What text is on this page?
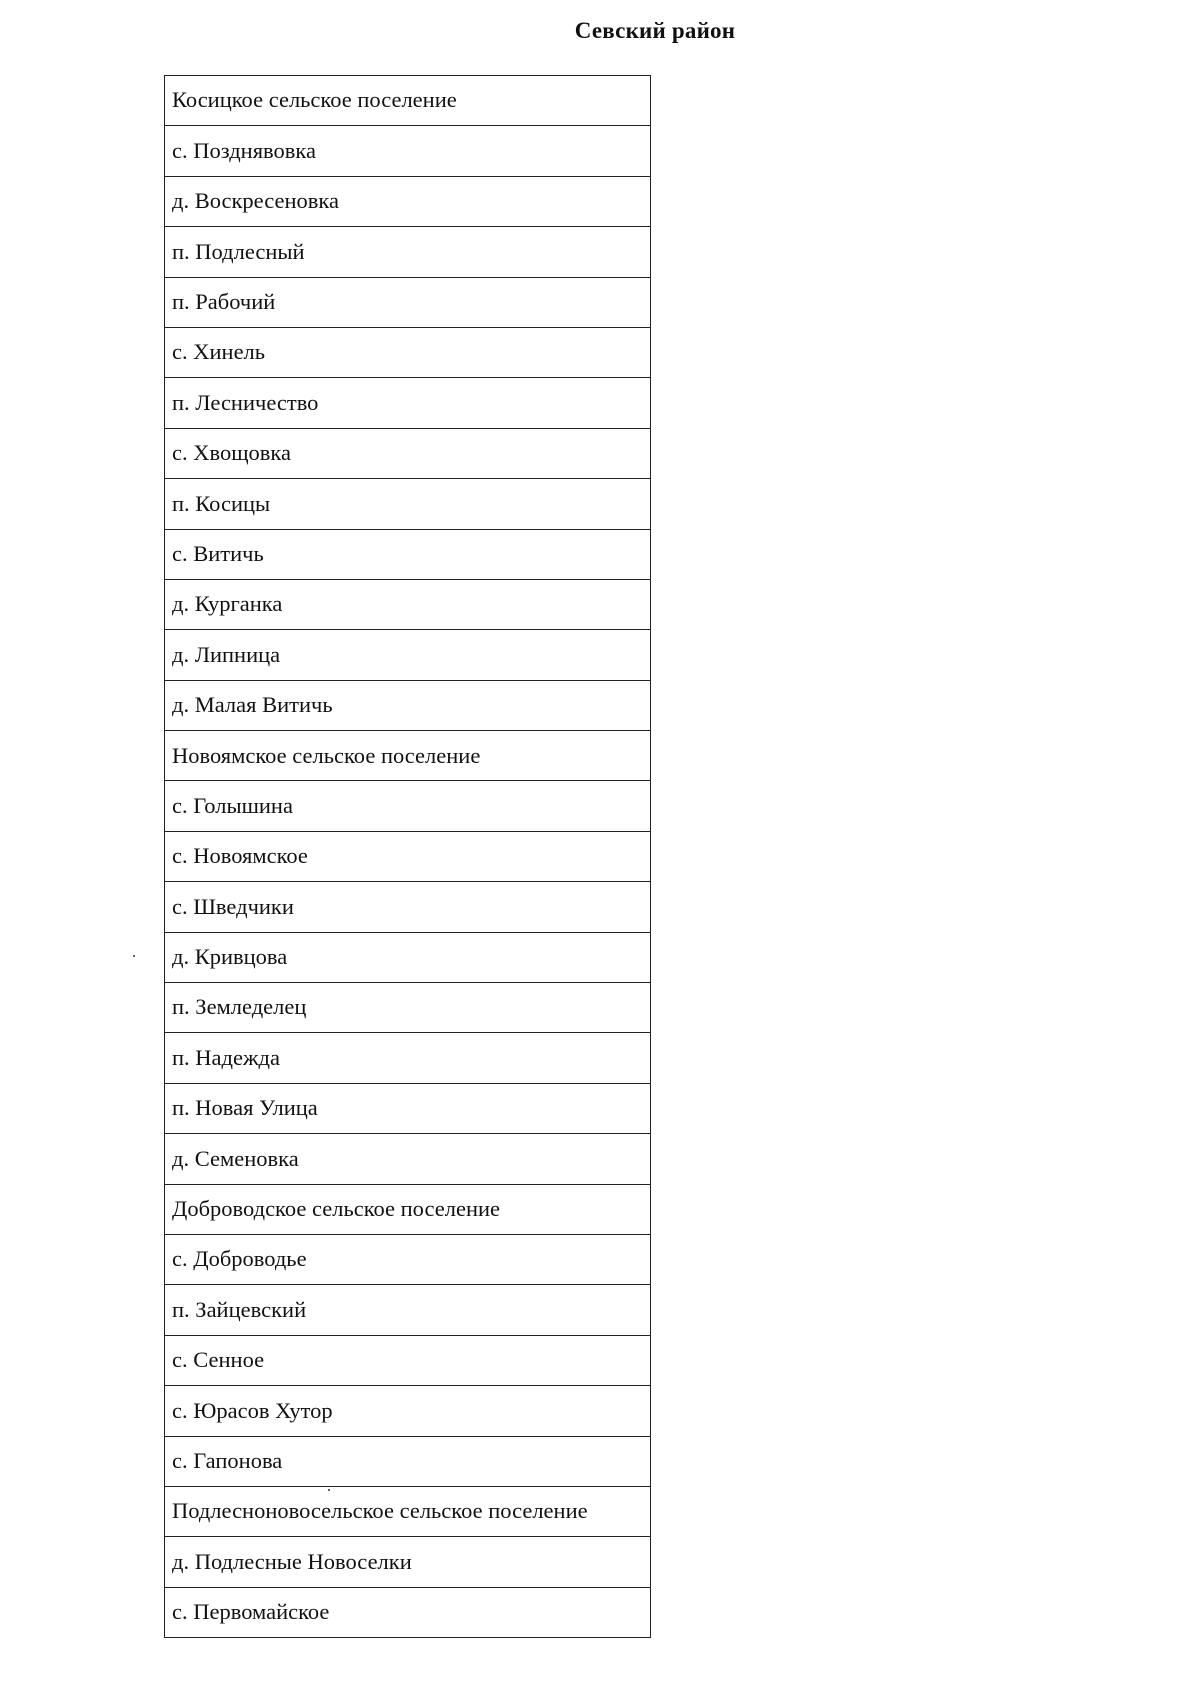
Севский район
Косицкое сельское поселение
с. Позднявовка
д. Воскресеновка
п. Подлесный
п. Рабочий
с. Хинель
п. Лесничество
с. Хвощовка
п. Косицы
с. Витичь
д. Курганка
д. Липница
д. Малая Витичь
Новоямское сельское поселение
с. Голышина
с. Новоямское
с. Шведчики
д. Кривцова
п. Земледелец
п. Надежда
п. Новая Улица
д. Семеновка
Доброводское сельское поселение
с. Доброводье
п. Зайцевский
с. Сенное
с. Юрасов Хутор
с. Гапонова
Подлесноновосельское сельское поселение
д. Подлесные Новоселки
с. Первомайское
